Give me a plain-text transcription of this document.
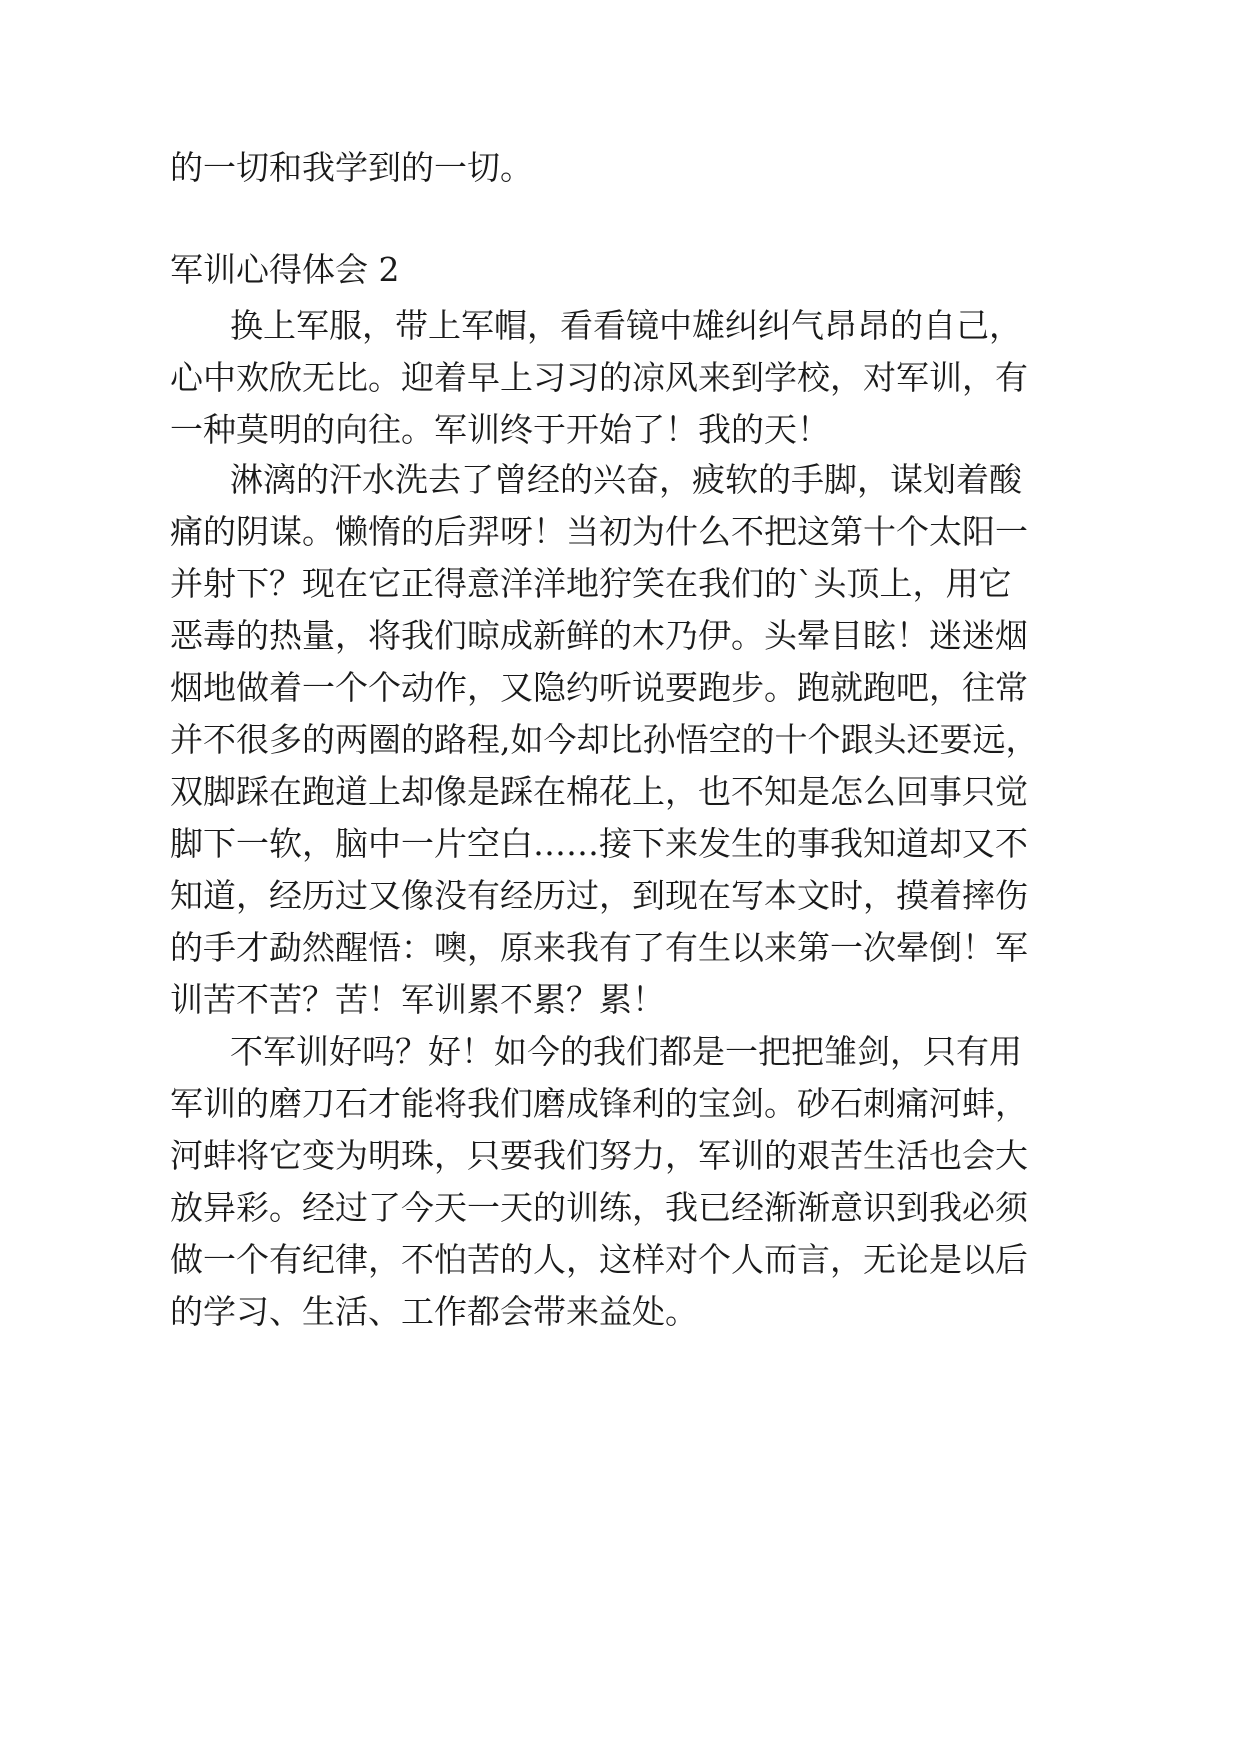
的一切和我学到的一切。
军训心得体会 2
换 上 军 服 ， 带 上 军 帽 ， 看 看 镜 中 雄 纠 纠 气 昂 昂 的 自 己 ，
心 中 欢 欣 无 比 。 迎 着 早 上 习 习 的 凉 风 来 到 学 校 ， 对 军 训 ， 有
一种莫明的向往。军训终于开始了！我的天！
淋 漓 的 汗 水 洗 去 了 曾 经 的 兴 奋 ， 疲 软 的 手 脚 ， 谋 划 着 酸
痛 的 阴 谋 。 懒 惰 的 后 羿 呀 ！ 当 初 为 什 么 不 把 这 第 十 个 太 阳 一
并 射 下 ？ 现 在 它 正 得 意 洋 洋 地 狞 笑 在 我 们 的 ` 头 顶 上 ， 用 它
恶 毒 的 热 量 ， 将 我 们 晾 成 新 鲜 的 木 乃 伊 。 头 晕 目 眩 ！ 迷 迷 烟
烟 地 做 着 一 个 个 动 作 ， 又 隐 约 听 说 要 跑 步 。 跑 就 跑 吧 ， 往 常
并 不 很 多 的 两 圈 的 路 程 , 如 今 却 比 孙 悟 空 的 十 个 跟 头 还 要 远 ，
双 脚 踩 在 跑 道 上 却 像 是 踩 在 棉 花 上 ， 也 不 知 是 怎 么 回 事 只 觉
脚 下 一 软 ， 脑 中 一 片 空 白 … … 接 下 来 发 生 的 事 我 知 道 却 又 不
知 道 ， 经 历 过 又 像 没 有 经 历 过 ， 到 现 在 写 本 文 时 ， 摸 着 摔 伤
的 手 才 勐 然 醒 悟 ： 噢 ， 原 来 我 有 了 有 生 以 来 第 一 次 晕 倒 ！ 军
训苦不苦？苦！军训累不累？累！
不 军 训 好 吗 ？ 好 ！ 如 今 的 我 们 都 是 一 把 把 雏 剑 ， 只 有 用
军 训 的 磨 刀 石 才 能 将 我 们 磨 成 锋 利 的 宝 剑 。 砂 石 刺 痛 河 蚌 ，
河 蚌 将 它 变 为 明 珠 ， 只 要 我 们 努 力 ， 军 训 的 艰 苦 生 活 也 会 大
放 异 彩 。 经 过 了 今 天 一 天 的 训 练 ， 我 已 经 渐 渐 意 识 到 我 必 须
做 一 个 有 纪 律 ， 不 怕 苦 的 人 ， 这 样 对 个 人 而 言 ， 无 论 是 以 后
的学习、生活、工作都会带来益处。
